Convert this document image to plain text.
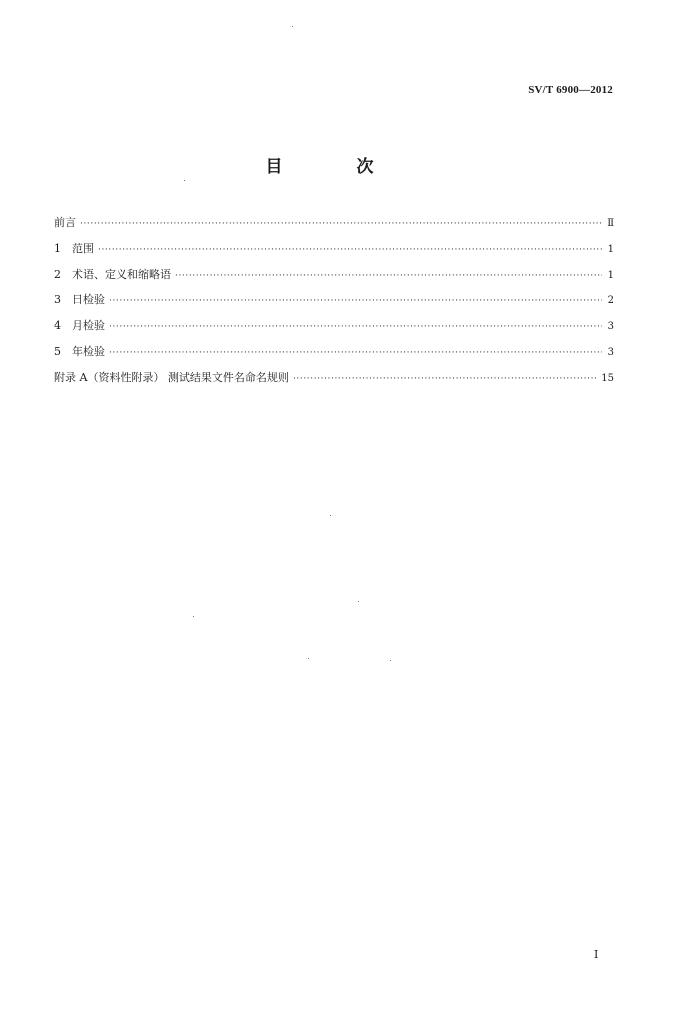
SV/T 6900—2012
目 次
前言 ·····	Ⅱ
1	范围 ·····	1
2	术语、定义和缩略语 ·····	1
3	日检验 ·····	2
4	月检验 ·····	3
5	年检验 ·····	3
附录 A（资料性附录） 测试结果文件名命名规则 ·····	15
I
